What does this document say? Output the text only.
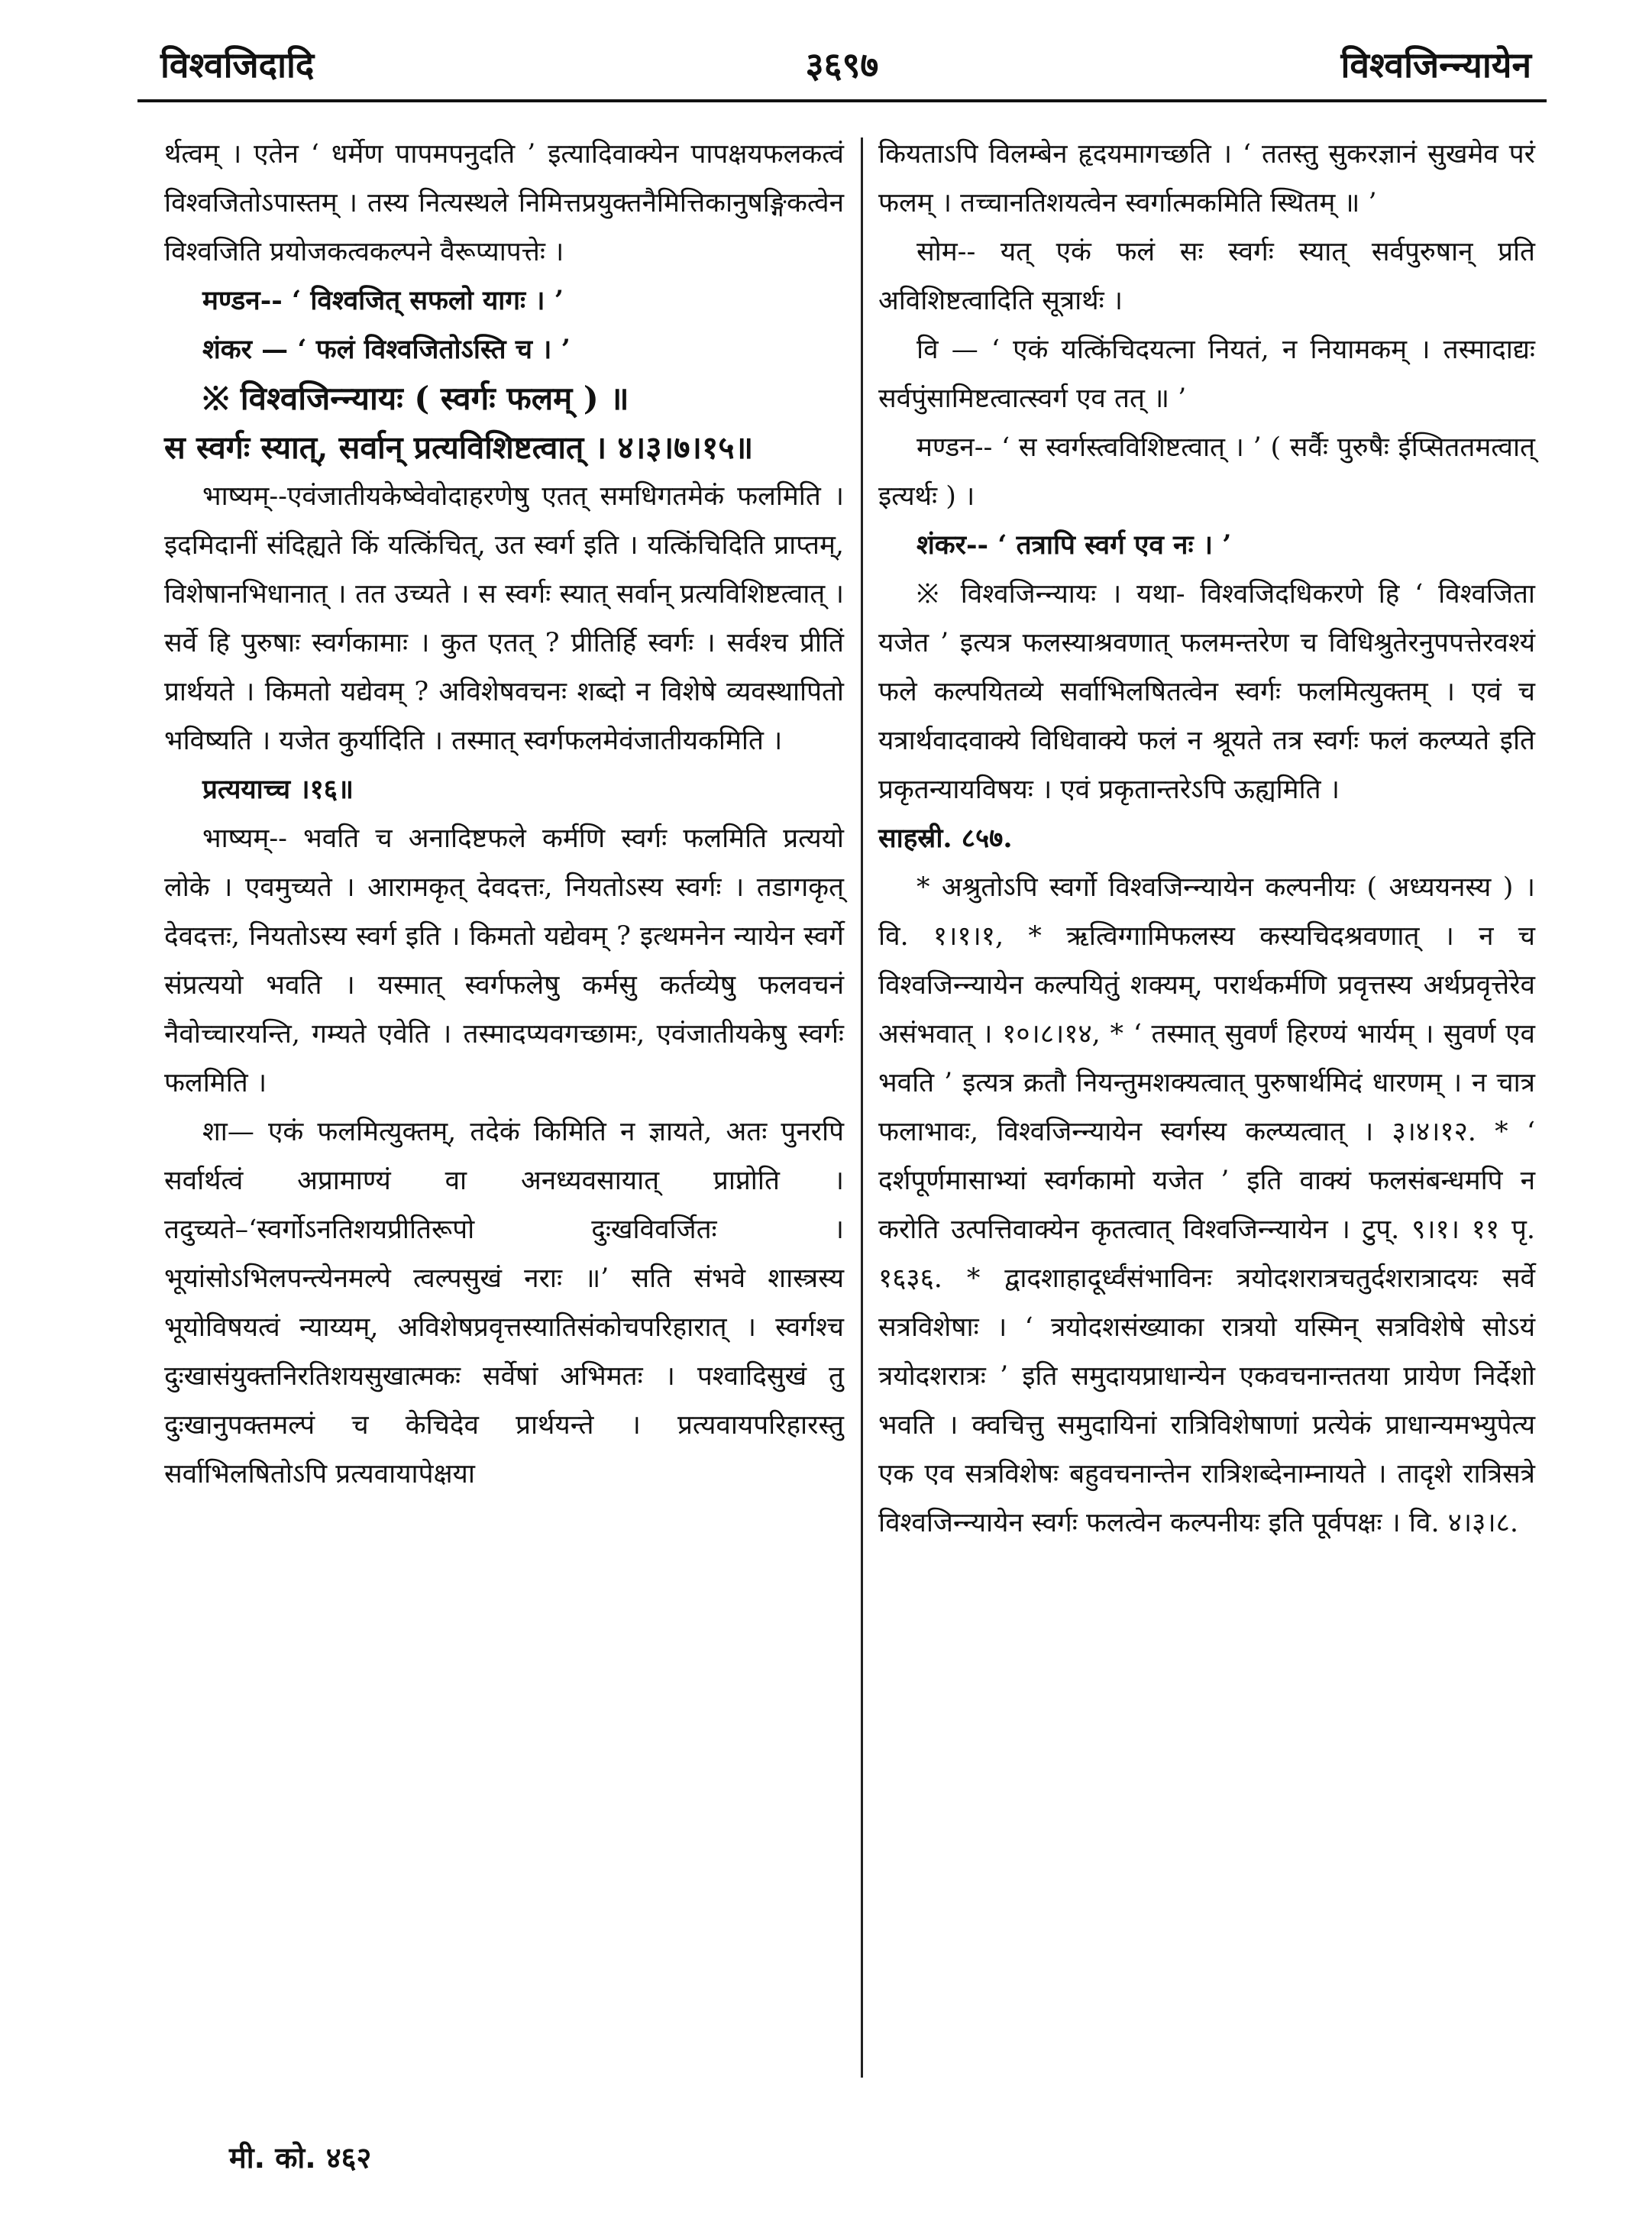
विश्वजिदादि	३६९७	विश्वजिन्न्यायेन

र्थत्वम् । एतेन ‘ धर्मेण पापमपनुदति ’ इत्यादिवाक्येन पापक्षयफलकत्वं विश्वजितोऽपास्तम् । तस्य नित्यस्थले निमित्तप्रयुक्तनैमित्तिकानुषङ्गिकत्वेन विश्वजिति प्रयोजकत्वकल्पने वैरूप्यापत्तेः ।

मण्डन-- ‘ विश्वजित् सफलो यागः । ’

शंकर — ‘ फलं विश्वजितोऽस्ति च । ’

※ विश्वजिन्न्यायः ( स्वर्गः फलम् ) ॥

स स्वर्गः स्यात्, सर्वान् प्रत्यविशिष्टत्वात् । ४।३।७।१५॥

भाष्यम्--एवंजातीयकेष्वेवोदाहरणेषु एतत् समधिगतमेकं फलमिति । इदमिदानीं संदिह्यते किं यत्किंचित्, उत स्वर्ग इति । यत्किंचिदिति प्राप्तम्, विशेषानभिधानात् । तत उच्यते । स स्वर्गः स्यात् सर्वान् प्रत्यविशिष्टत्वात् । सर्वे हि पुरुषाः स्वर्गकामाः । कुत एतत् ? प्रीतिर्हि स्वर्गः । सर्वश्च प्रीतिं प्रार्थयते । किमतो यद्येवम् ? अविशेषवचनः शब्दो न विशेषे व्यवस्थापितो भविष्यति । यजेत कुर्यादिति । तस्मात् स्वर्गफलमेवंजातीयकमिति ।

प्रत्ययाच्च ।१६॥

भाष्यम्-- भवति च अनादिष्टफले कर्मणि स्वर्गः फलमिति प्रत्ययो लोके । एवमुच्यते । आरामकृत् देवदत्तः, नियतोऽस्य स्वर्गः । तडागकृत् देवदत्तः, नियतोऽस्य स्वर्ग इति । किमतो यद्येवम् ? इत्थमनेन न्यायेन स्वर्गे संप्रत्ययो भवति । यस्मात् स्वर्गफलेषु कर्मसु कर्तव्येषु फलवचनं नैवोच्चारयन्ति, गम्यते एवेति । तस्मादप्यवगच्छामः, एवंजातीयकेषु स्वर्गः फलमिति ।

शा— एकं फलमित्युक्तम्, तदेकं किमिति न ज्ञायते, अतः पुनरपि सर्वार्थत्वं अप्रामाण्यं वा अनध्यवसायात् प्राप्नोति । तदुच्यते–‘स्वर्गोऽनतिशयप्रीतिरूपो दुःखविवर्जितः । भूयांसोऽभिलपन्त्येनमल्पे त्वल्पसुखं नराः ॥’ सति संभवे शास्त्रस्य भूयोविषयत्वं न्याय्यम्, अविशेषप्रवृत्तस्यातिसंकोचपरिहारात् । स्वर्गश्च दुःखासंयुक्तनिरतिशयसुखात्मकः सर्वेषां अभिमतः । पश्वादिसुखं तु दुःखानुपक्तमल्पं च केचिदेव प्रार्थयन्ते । प्रत्यवायपरिहारस्तु सर्वाभिलषितोऽपि प्रत्यवायापेक्षया

कियताऽपि विलम्बेन हृदयमागच्छति । ‘ ततस्तु सुकरज्ञानं सुखमेव परं फलम् । तच्चानतिशयत्वेन स्वर्गात्मकमिति स्थितम् ॥ ’

सोम-- यत् एकं फलं सः स्वर्गः स्यात् सर्वपुरुषान् प्रति अविशिष्टत्वादिति सूत्रार्थः ।

वि — ‘ एकं यत्किंचिदयत्ना नियतं, न नियामकम् । तस्मादाद्यः सर्वपुंसामिष्टत्वात्स्वर्ग एव तत् ॥ ’

मण्डन-- ‘ स स्वर्गस्त्वविशिष्टत्वात् । ’ ( सर्वैः पुरुषैः ईप्सिततमत्वात् इत्यर्थः ) ।

शंकर-- ‘ तत्रापि स्वर्ग एव नः । ’

※ विश्वजिन्न्यायः । यथा- विश्वजिदधिकरणे हि ‘ विश्वजिता यजेत ’ इत्यत्र फलस्याश्रवणात् फलमन्तरेण च विधिश्रुतेरनुपपत्तेरवश्यं फले कल्पयितव्ये सर्वाभिलषितत्वेन स्वर्गः फलमित्युक्तम् । एवं च यत्रार्थवादवाक्ये विधिवाक्ये फलं न श्रूयते तत्र स्वर्गः फलं कल्प्यते इति प्रकृतन्यायविषयः । एवं प्रकृतान्तरेऽपि ऊह्यमिति ।

साहस्री. ८५७.

* अश्रुतोऽपि स्वर्गो विश्वजिन्न्यायेन कल्पनीयः ( अध्ययनस्य ) । वि. १।१।१, * ऋत्विग्गामिफलस्य कस्यचिदश्रवणात् । न च विश्वजिन्न्यायेन कल्पयितुं शक्यम्, परार्थकर्मणि प्रवृत्तस्य अर्थप्रवृत्तेरेव असंभवात् । १०।८।१४, * ‘ तस्मात् सुवर्णं हिरण्यं भार्यम् । सुवर्ण एव भवति ’ इत्यत्र क्रतौ नियन्तुमशक्यत्वात् पुरुषार्थमिदं धारणम् । न चात्र फलाभावः, विश्वजिन्न्यायेन स्वर्गस्य कल्प्यत्वात् । ३।४।१२. * ‘ दर्शपूर्णमासाभ्यां स्वर्गकामो यजेत ’ इति वाक्यं फलसंबन्धमपि न करोति उत्पत्तिवाक्येन कृतत्वात् विश्वजिन्न्यायेन । टुप्. ९।१। ११ पृ. १६३६. * द्वादशाहादूर्ध्वंसंभाविनः त्रयोदशरात्रचतुर्दशरात्रादयः सर्वे सत्रविशेषाः । ‘ त्रयोदशसंख्याका रात्रयो यस्मिन् सत्रविशेषे सोऽयं त्रयोदशरात्रः ’ इति समुदायप्राधान्येन एकवचनान्ततया प्रायेण निर्देशो भवति । क्वचित्तु समुदायिनां रात्रिविशेषाणां प्रत्येकं प्राधान्यमभ्युपेत्य एक एव सत्रविशेषः बहुवचनान्तेन रात्रिशब्देनाम्नायते । तादृशे रात्रिसत्रे विश्वजिन्न्यायेन स्वर्गः फलत्वेन कल्पनीयः इति पूर्वपक्षः । वि. ४।३।८.

मी. को. ४६२
